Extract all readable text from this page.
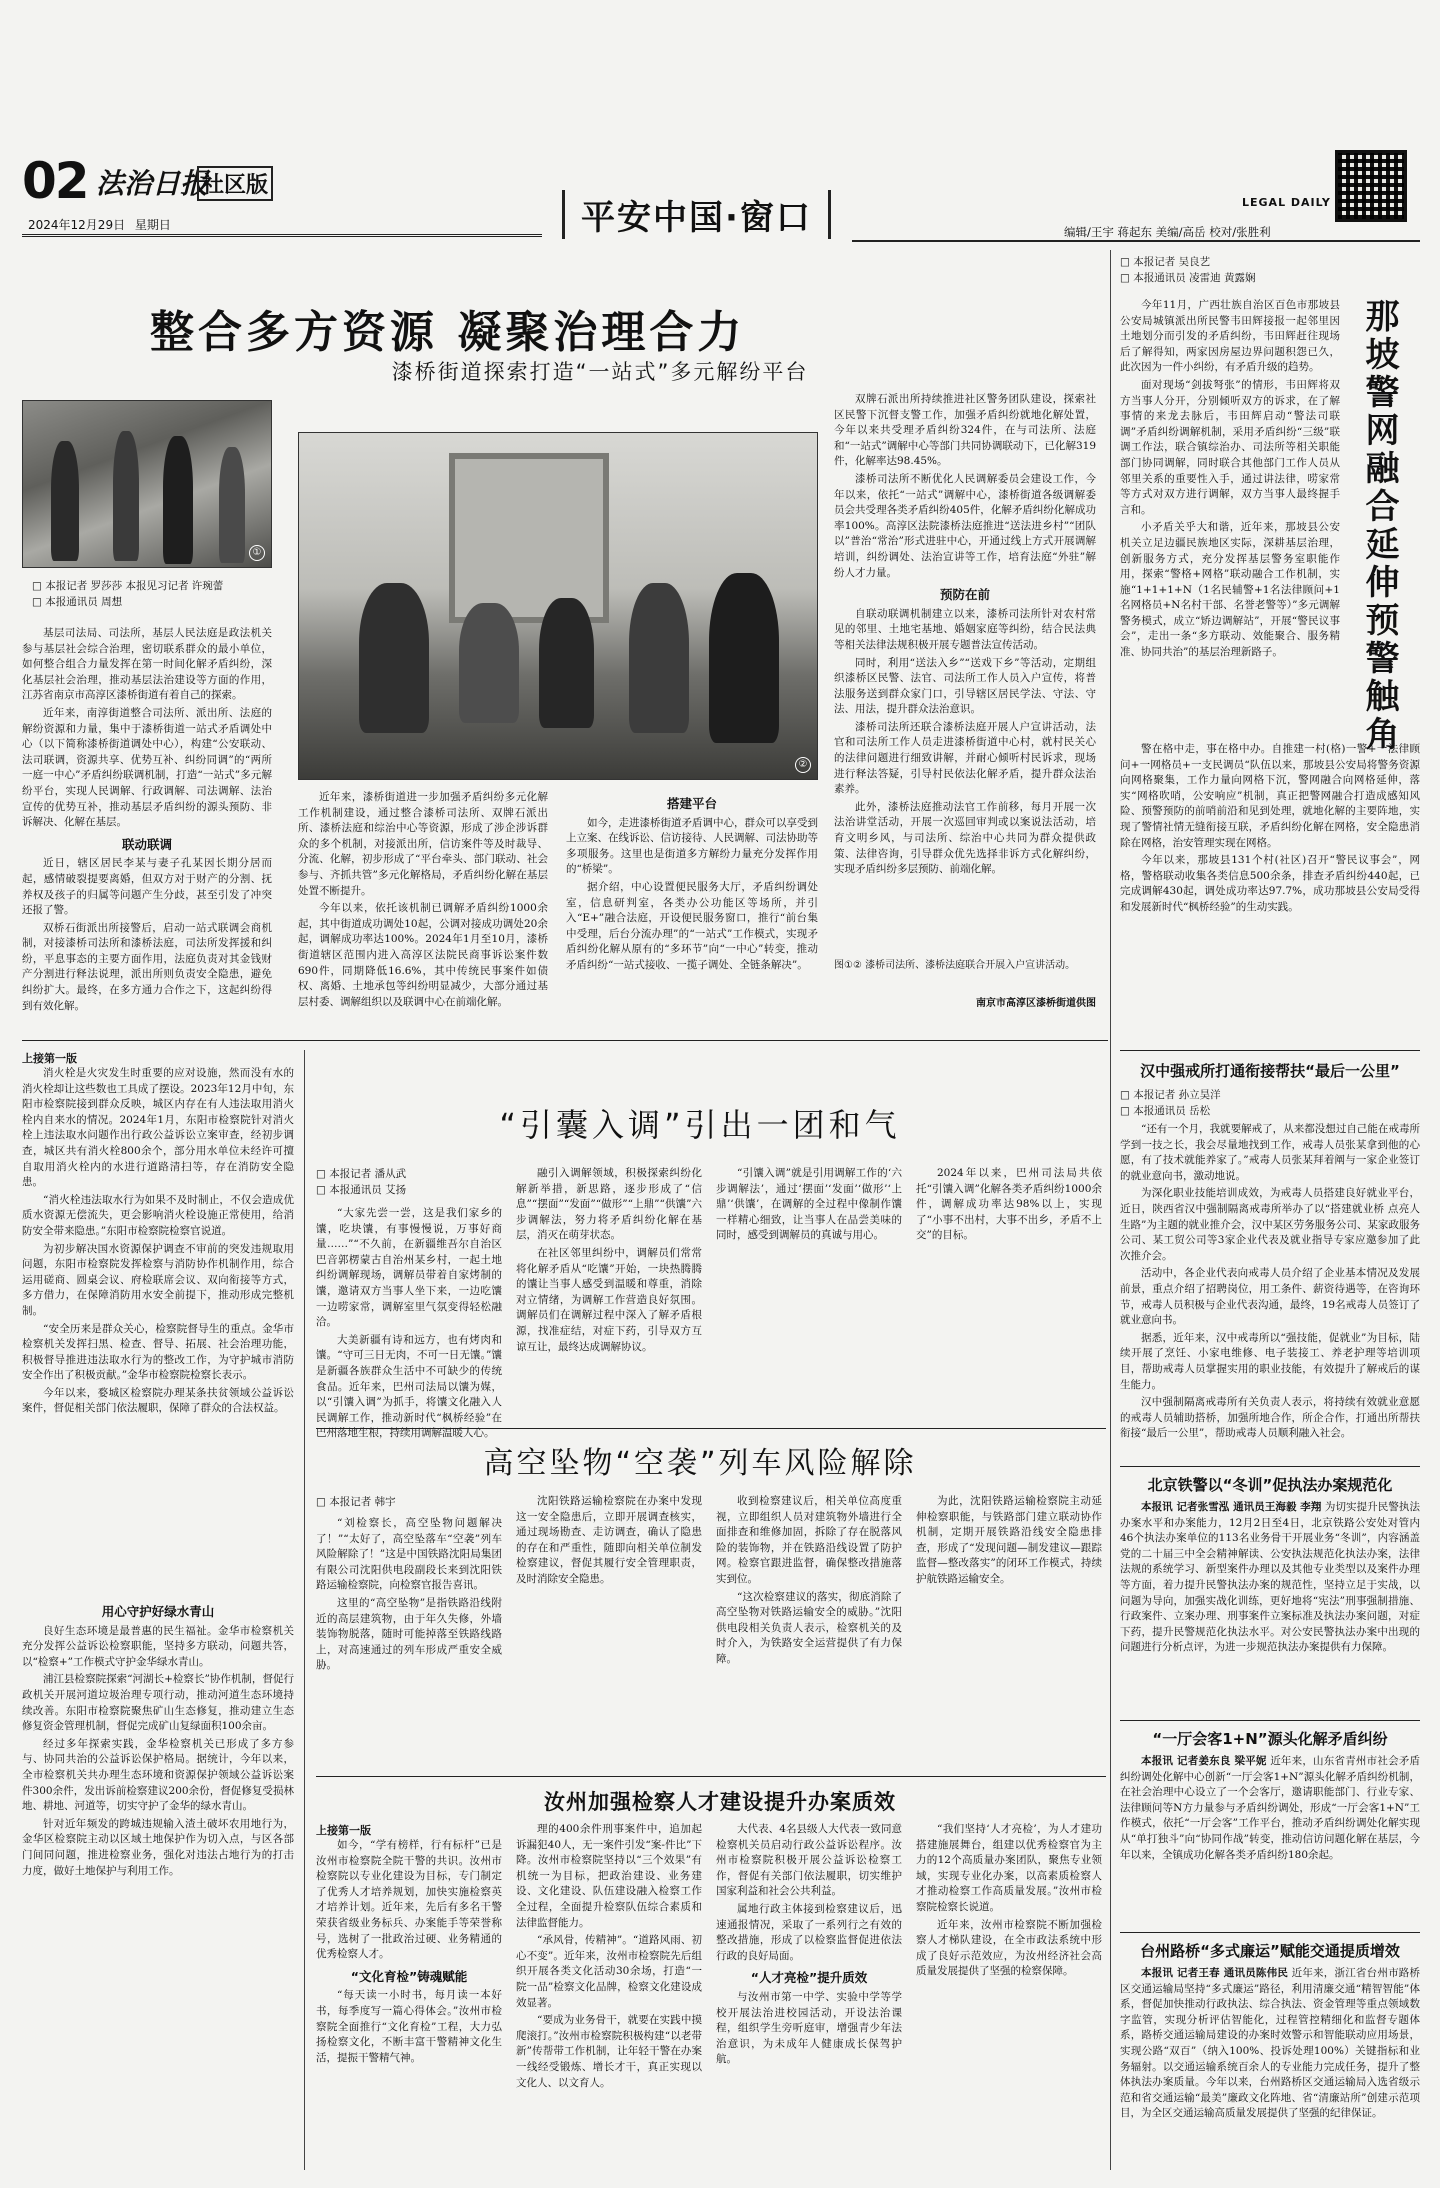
02 法治日报
社区版
2024年12月29日 星期日	平安中国·窗口	LEGAL DAILY
编辑/王宇 蒋起东 美编/高岳 校对/张胜利
整合多方资源 凝聚治理合力
漆桥街道探索打造“一站式”多元解纷平台
①
□ 本报记者 罗莎莎 本报见习记者 许琬蕾
□ 本报通讯员 周想
②

基层司法局、司法所，基层人民法庭是政法机关参与基层社会综合治理，密切联系群众的最小单位，如何整合组合力量发挥在第一时间化解矛盾纠纷，深化基层社会治理，推动基层法治建设等方面的作用，江苏省南京市高淳区漆桥街道有着自己的探索。

近年来，南淳街道整合司法所、派出所、法庭的解纷资源和力量，集中于漆桥街道一站式矛盾调处中心（以下简称漆桥街道调处中心），构建“公安联动、法司联调，资源共享、优势互补、纠纷同调”的“两所一庭一中心”矛盾纠纷联调机制，打造“一站式”多元解纷平台，实现人民调解、行政调解、司法调解、法治宣传的优势互补，推动基层矛盾纠纷的源头预防、非诉解决、化解在基层。

联动联调

近日，辖区居民李某与妻子孔某因长期分居而起，感情破裂提要离婚，但双方对于财产的分割、抚养权及孩子的归属等问题产生分歧，甚至引发了冲突还报了警。

双桥石街派出所接警后，启动一站式联调会商机制，对接漆桥司法所和漆桥法庭，司法所发挥援和纠纷，平息事态的主要方面作用，法庭负责对其金钱财产分割进行释法说理，派出所则负责安全隐患，避免纠纷扩大。最终，在多方通力合作之下，这起纠纷得到有效化解。

近年来，漆桥街道进一步加强矛盾纠纷多元化解工作机制建设，通过整合漆桥司法所、双牌石派出所、漆桥法庭和综治中心等资源，形成了涉企涉诉群众的多个机制，对接派出所，信访案件等及时裁导、分流、化解，初步形成了“平台牵头、部门联动、社会参与、齐抓共管”多元化解格局，矛盾纠纷化解在基层处置不断提升。

今年以来，依托该机制已调解矛盾纠纷1000余起，其中街道成功调处10起，公调对接成功调处20余起，调解成功率达100%。2024年1月至10月，漆桥街道辖区范围内进入高淳区法院民商事诉讼案件数690件，同期降低16.6%，其中传统民事案件如债权、离婚、土地承包等纠纷明显减少，大部分通过基层村委、调解组织以及联调中心在前端化解。

搭建平台

如今，走进漆桥街道矛盾调中心，群众可以享受到上立案、在线诉讼、信访接待、人民调解、司法协助等多项服务。这里也是街道多方解纷力量充分发挥作用的“桥梁”。

据介绍，中心设置便民服务大厅，矛盾纠纷调处室，信息研判室，各类办公功能区等场所，并引入“E+”融合法庭，开设便民服务窗口，推行“前台集中受理，后台分流办理”的“一站式”工作模式，实现矛盾纠纷化解从原有的“多环节”向“一中心”转变，推动矛盾纠纷“一站式接收、一揽子调处、全链条解决”。

双牌石派出所持续推进社区警务团队建设，探索社区民警下沉督支警工作，加强矛盾纠纷就地化解处置，今年以来共受理矛盾纠纷324件，在与司法所、法庭和“一站式”调解中心等部门共同协调联动下，已化解319件，化解率达98.45%。

漆桥司法所不断优化人民调解委员会建设工作，今年以来，依托“一站式”调解中心，漆桥街道各级调解委员会共受理各类矛盾纠纷405件，化解矛盾纠纷化解成功率100%。高淳区法院漆桥法庭推进“送法进乡村”“团队以”普治“常治”形式进驻中心，开通过线上方式开展调解培训，纠纷调处、法治宣讲等工作，培育法庭“外驻”解纷人才力量。

预防在前

自联动联调机制建立以来，漆桥司法所针对农村常见的邻里、土地宅基地、婚姻家庭等纠纷，结合民法典等相关法律法规积极开展专题普法宣传活动。

同时，利用“送法入乡”“送戏下乡”等活动，定期组织漆桥区民警、法官、司法所工作人员入户宣传，将普法服务送到群众家门口，引导辖区居民学法、守法、守法、用法，提升群众法治意识。

漆桥司法所还联合漆桥法庭开展人户宣讲活动，法官和司法所工作人员走进漆桥街道中心村，就村民关心的法律问题进行细致讲解，并耐心倾听村民诉求，现场进行释法答疑，引导村民依法化解矛盾，提升群众法治素养。

此外，漆桥法庭推动法官工作前移，每月开展一次法治讲堂活动，开展一次巡回审判或以案说法活动，培育文明乡风，与司法所、综治中心共同为群众提供政策、法律咨询，引导群众优先选择非诉方式化解纠纷，实现矛盾纠纷多层预防、前端化解。

图①② 漆桥司法所、漆桥法庭联合开展入户宣讲活动。
南京市高淳区漆桥街道供图
□ 本报记者 吴良艺
□ 本报通讯员 凌雷迪 黄露娴
那坡警网融合延伸预警触角

今年11月，广西壮族自治区百色市那坡县公安局城镇派出所民警韦田辉接报一起邻里因土地划分而引发的矛盾纠纷，韦田辉赶往现场后了解得知，两家因房屋边界问题积怨已久，此次因为一件小纠纷，有矛盾升级的趋势。

面对现场“剑拔弩张”的情形，韦田辉将双方当事人分开，分别倾听双方的诉求，在了解事情的来龙去脉后，韦田辉启动“警法司联调”矛盾纠纷调解机制，采用矛盾纠纷“三级”联调工作法，联合镇综治办、司法所等相关职能部门协同调解，同时联合其他部门工作人员从邻里关系的重要性入手，通过讲法律，唠家常等方式对双方进行调解，双方当事人最终握手言和。

小矛盾关乎大和谐，近年来，那坡县公安机关立足边疆民族地区实际，深耕基层治理，创新服务方式，充分发挥基层警务室职能作用，探索“警格+网格”联动融合工作机制，实施“1+1+1+N（1名民辅警+1名法律顾问+1名网格员+N名村干部、名誉老警等）”多元调解警务模式，成立“矫边调解站”，开展“警民议事会”，走出一条“多方联动、效能聚合、服务精准、协同共治”的基层治理新路子。

警在格中走，事在格中办。自推建一村(格)一警+一法律顾问+一网格员+一支民调员“队伍以来，那坡县公安局将警务资源向网格聚集，工作力量向网格下沉，警网融合向网格延伸，落实“网格吹哨，公安响应”机制，真正把警网融合打造成感知风险、预警预防的前哨前沿和见到处理，就地化解的主要阵地，实现了警情社情无缝衔接互联，矛盾纠纷化解在网格，安全隐患消除在网格，治安管理实现在网格。

今年以来，那坡县131个村(社区)召开“警民议事会”，网格，警格联动收集各类信息500余条，排查矛盾纠纷440起，已完成调解430起，调处成功率达97.7%，成功那坡县公安局受得和发展新时代“枫桥经验”的生动实践。

汉中强戒所打通衔接帮扶“最后一公里”
□ 本报记者 孙立昊洋
□ 本报通讯员 岳松

“还有一个月，我就要解戒了，从来都没想过自己能在戒毒所学到一技之长，我会尽量地找到工作，戒毒人员张某拿到他的心愿，有了技术就能养家了。”戒毒人员张某拜着阐与一家企业签订的就业意向书，激动地说。

为深化职业技能培训成效，为戒毒人员搭建良好就业平台，近日，陕西省汉中强制隔离戒毒所举办了以“搭建就业桥 点亮人生路”为主题的就业推介会，汉中某区劳务服务公司、某家政服务公司、某工贸公司等3家企业代表及就业指导专家应邀参加了此次推介会。

活动中，各企业代表向戒毒人员介绍了企业基本情况及发展前景，重点介绍了招聘岗位，用工条件、薪资待遇等，在咨询环节，戒毒人员积极与企业代表沟通，最终，19名戒毒人员签订了就业意向书。

据悉，近年来，汉中戒毒所以“强技能，促就业”为目标，陆续开展了烹饪、小家电维修、电子装接工、养老护理等培训项目，帮助戒毒人员掌握实用的职业技能，有效提升了解戒后的谋生能力。

汉中强制隔离戒毒所有关负责人表示，将持续有效就业意愿的戒毒人员辅助搭桥，加强所地合作，所企合作，打通出所帮扶衔接“最后一公里”，帮助戒毒人员顺利融入社会。

北京铁警以“冬训”促执法办案规范化

本报讯 记者张雪泓 通讯员王海毅 李翔 为切实提升民警执法办案水平和办案能力，12月2日至4日，北京铁路公安处对管内46个执法办案单位的113名业务骨干开展业务“冬训”，内容涵盖党的二十届三中全会精神解读、公安执法规范化执法办案，法律法规的系统学习、新型案件办理以及其他专业类型以及案件办理等方面，着力提升民警执法办案的规范性，坚持立足于实战，以问题为导向，加强实战化训练，更好地将“宪法”刑事强制措施、行政案件、立案办理、刑事案件立案标准及执法办案问题，对症下药，提升民警规范化执法水平。对公安民警执法办案中出现的问题进行分析点评，为进一步规范执法办案提供有力保障。

“一厅会客1+N”源头化解矛盾纠纷

本报讯 记者姜东良 梁平妮 近年来，山东省青州市社会矛盾纠纷调处化解中心创新“一厅会客1+N”源头化解矛盾纠纷机制，在社会治理中心设立了一个会客厅，邀请职能部门、行业专家、法律顾问等N方力量参与矛盾纠纷调处，形成“一厅会客1+N”工作模式，依托“一厅会客”工作平台，推动矛盾纠纷调处化解实现从“单打独斗”向“协同作战”转变，推动信访问题化解在基层，今年以来，全镇成功化解各类矛盾纠纷180余起。

台州路桥“多式廉运”赋能交通提质增效

本报讯 记者王春 通讯员陈伟民 近年来，浙江省台州市路桥区交通运输局坚持“多式廉运”路径，利用清廉交通“精智智能”体系，督促加快推动行政执法、综合执法、资金管理等重点领域数字监管，实现分析评估智能化，过程管控精细化和监督专题体系，路桥交通运输局建设的办案时效警示和智能联动应用场景，实现公路“双百”（纳入100%、投诉处理100%）关键指标和业务辐射。以交通运输系统百余人的专业能力完成任务，提升了整体执法办案质量。今年以来，台州路桥区交通运输局入选省级示范和省交通运输“最美”廉政文化阵地、省“清廉站所”创建示范项目，为全区交通运输高质量发展提供了坚强的纪律保证。

上接第一版

消火栓是火灾发生时重要的应对设施，然而没有水的消火栓却让这些数也工具成了摆设。2023年12月中旬，东阳市检察院接到群众反映，城区内存在有人违法取用消火栓内自来水的情况。2024年1月，东阳市检察院针对消火栓上违法取水问题作出行政公益诉讼立案审查，经初步调查，城区共有消火栓800余个，部分用水单位未经许可擅自取用消火栓内的水进行道路清扫等，存在消防安全隐患。

“消火栓违法取水行为如果不及时制止，不仅会造成优质水资源无偿流失，更会影响消火栓设施正常使用，给消防安全带来隐患。”东阳市检察院检察官说道。

为初步解决国水资源保护调查不审前的突发违规取用问题，东阳市检察院发挥检察与消防协作机制作用，综合运用磋商、圆桌会议、府检联席会议、双向衔接等方式，多方借力，在保障消防用水安全前提下，推动形成完整机制。

“安全历来是群众关心，检察院督导生的重点。金华市检察机关发挥扫黑、检查、督导、拓展、社会治理功能，积极督导推进违法取水行为的整改工作，为守护城市消防安全作出了积极贡献。”金华市检察院检察长表示。

今年以来，婺城区检察院办理某条扶贫领域公益诉讼案件，督促相关部门依法履职，保障了群众的合法权益。

用心守护好绿水青山

良好生态环境是最普惠的民生福祉。金华市检察机关充分发挥公益诉讼检察职能，坚持多方联动，问题共答，以“检察+”工作模式守护金华绿水青山。

浦江县检察院探索“河湖长+检察长”协作机制，督促行政机关开展河道垃圾治理专项行动，推动河道生态环境持续改善。东阳市检察院聚焦矿山生态修复，推动建立生态修复资金管理机制，督促完成矿山复绿面积100余亩。

经过多年探索实践，金华检察机关已形成了多方参与、协同共治的公益诉讼保护格局。据统计，今年以来，全市检察机关共办理生态环境和资源保护领域公益诉讼案件300余件，发出诉前检察建议200余份，督促修复受损林地、耕地、河道等，切实守护了金华的绿水青山。

针对近年频发的跨城违规输入渣土破坏农用地行为，金华区检察院主动以区域土地保护作为切入点，与区各部门间同问题，推进检察业务，强化对违法占地行为的打击力度，做好土地保护与利用工作。

“引囊入调”引出一团和气
□ 本报记者 潘从武
□ 本报通讯员 艾扬

“大家先尝一尝，这是我们家乡的馕，吃块馕，有事慢慢说，万事好商量……”“不久前，在新疆维吾尔自治区巴音郭楞蒙古自治州某乡村，一起土地纠纷调解现场，调解员带着自家烤制的馕，邀请双方当事人坐下来，一边吃馕一边唠家常，调解室里气氛变得轻松融洽。

大美新疆有诗和远方，也有烤肉和馕。“守可三日无肉，不可一日无馕。”馕是新疆各族群众生活中不可缺少的传统食品。近年来，巴州司法局以馕为媒，以“引馕入调”为抓手，将馕文化融入人民调解工作，推动新时代“枫桥经验”在巴州落地生根，持续用调解温暖人心。

融引入调解领域，积极探索纠纷化解新举措，新思路，逐步形成了“信息”“摆面”“发面”“做形”“上鼎”“供馕”六步调解法，努力将矛盾纠纷化解在基层，消灭在萌芽状态。

在社区邻里纠纷中，调解员们常常将化解矛盾从“吃馕”开始，一块热腾腾的馕让当事人感受到温暖和尊重，消除对立情绪，为调解工作营造良好氛围。调解员们在调解过程中深入了解矛盾根源，找准症结，对症下药，引导双方互谅互让，最终达成调解协议。

“引馕入调”就是引用调解工作的‘六步调解法’，通过‘摆面’‘发面’‘做形’‘上鼎’‘供馕’，在调解的全过程中像制作馕一样精心细致，让当事人在品尝美味的同时，感受到调解员的真诚与用心。

2024年以来，巴州司法局共依托“引馕入调”化解各类矛盾纠纷1000余件，调解成功率达98%以上，实现了“小事不出村，大事不出乡，矛盾不上交”的目标。

高空坠物“空袭”列车风险解除
□ 本报记者 韩宇

“刘检察长，高空坠物问题解决了！”“太好了，高空坠落车“空袭”列车风险解除了！”这是中国铁路沈阳局集团有限公司沈阳供电段副段长来到沈阳铁路运输检察院，向检察官报告喜讯。

这里的“高空坠物”是指铁路沿线附近的高层建筑物，由于年久失修，外墙装饰物脱落，随时可能掉落至铁路线路上，对高速通过的列车形成严重安全威胁。

沈阳铁路运输检察院在办案中发现这一安全隐患后，立即开展调查核实，通过现场勘查、走访调查，确认了隐患的存在和严重性，随即向相关单位制发检察建议，督促其履行安全管理职责，及时消除安全隐患。

收到检察建议后，相关单位高度重视，立即组织人员对建筑物外墙进行全面排查和维修加固，拆除了存在脱落风险的装饰物，并在铁路沿线设置了防护网。检察官跟进监督，确保整改措施落实到位。

“这次检察建议的落实，彻底消除了高空坠物对铁路运输安全的威胁。”沈阳供电段相关负责人表示，检察机关的及时介入，为铁路安全运营提供了有力保障。

为此，沈阳铁路运输检察院主动延伸检察职能，与铁路部门建立联动协作机制，定期开展铁路沿线安全隐患排查，形成了“发现问题—制发建议—跟踪监督—整改落实”的闭环工作模式，持续护航铁路运输安全。

汝州加强检察人才建设提升办案质效
上接第一版

如今，“学有榜样，行有标杆”已是汝州市检察院全院干警的共识。汝州市检察院以专业化建设为目标，专门制定了优秀人才培养规划，加快实施检察英才培养计划。近年来，先后有多名干警荣获省级业务标兵、办案能手等荣誉称号，选树了一批政治过硬、业务精通的优秀检察人才。

“文化育检”铸魂赋能

“每天读一小时书，每月读一本好书，每季度写一篇心得体会。”汝州市检察院全面推行“文化育检”工程，大力弘扬检察文化，不断丰富干警精神文化生活，提振干警精气神。

理的400余件刑事案件中，追加起诉漏犯40人，无一案件引发“案-件比”下降。汝州市检察院坚持以“三个效果”有机统一为目标，把政治建设、业务建设、文化建设、队伍建设融入检察工作全过程，全面提升检察队伍综合素质和法律监督能力。

“承风骨，传精神”。“道路风雨、初心不变”。近年来，汝州市检察院先后组织开展各类文化活动30余场，打造“一院一品”检察文化品牌，检察文化建设成效显著。

“要成为业务骨干，就要在实践中摸爬滚打。”汝州市检察院积极构建“以老带新”传帮带工作机制，让年轻干警在办案一线经受锻炼、增长才干，真正实现以文化人、以文育人。

大代表、4名县级人大代表一致同意检察机关员启动行政公益诉讼程序。汝州市检察院积极开展公益诉讼检察工作，督促有关部门依法履职，切实维护国家利益和社会公共利益。

属地行政主体接到检察建议后，迅速通报情况，采取了一系列行之有效的整改措施，形成了以检察监督促进依法行政的良好局面。

“人才亮检”提升质效

与汝州市第一中学、实验中学等学校开展法治进校园活动，开设法治课程，组织学生旁听庭审，增强青少年法治意识，为未成年人健康成长保驾护航。

“我们坚持‘人才亮检’，为人才建功搭建施展舞台，组建以优秀检察官为主力的12个高质量办案团队，聚焦专业领域，实现专业化办案，以高素质检察人才推动检察工作高质量发展。”汝州市检察院检察长说道。

近年来，汝州市检察院不断加强检察人才梯队建设，在全市政法系统中形成了良好示范效应，为汝州经济社会高质量发展提供了坚强的检察保障。
